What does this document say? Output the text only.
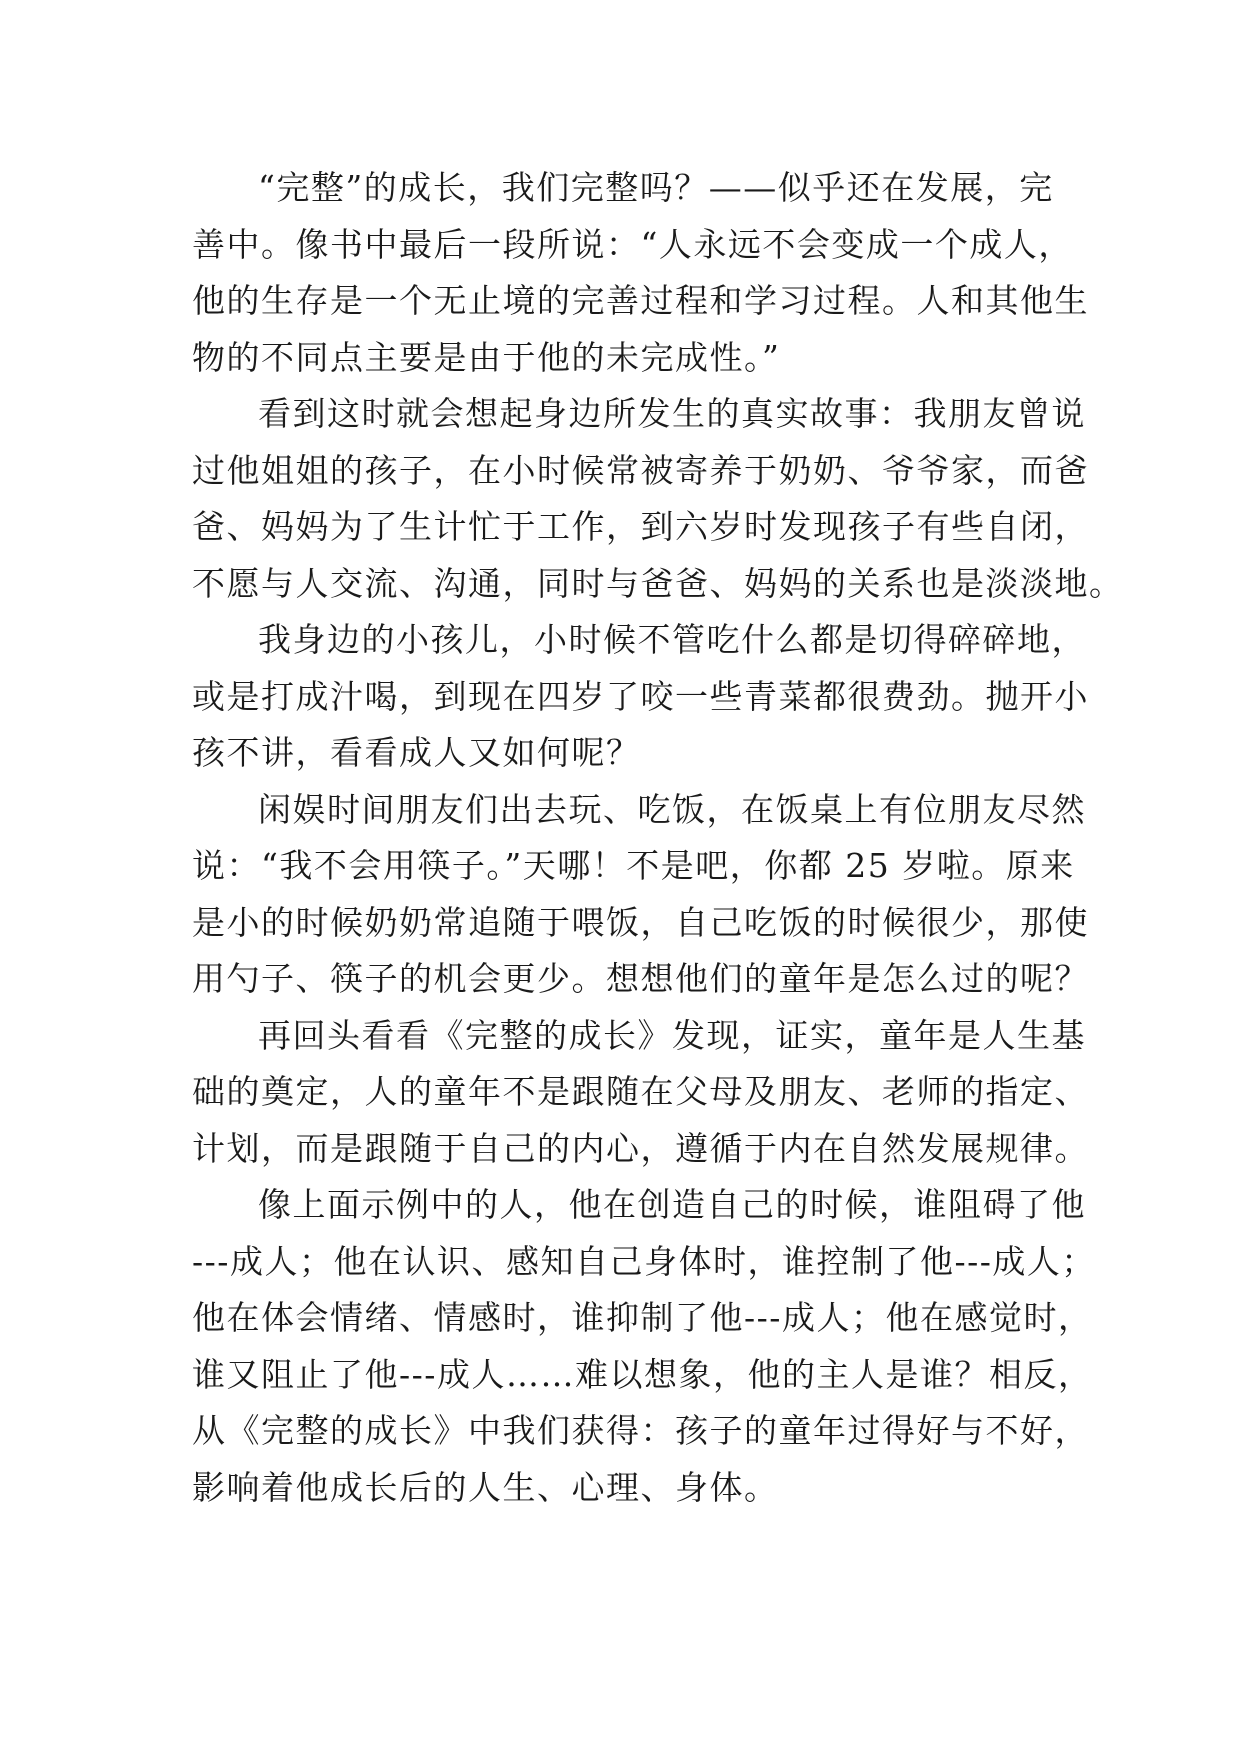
“完整”的成长，我们完整吗？——似乎还在发展，完
善中。像书中最后一段所说：“人永远不会变成一个成人，
他的生存是一个无止境的完善过程和学习过程。人和其他生
物的不同点主要是由于他的未完成性。”

看到这时就会想起身边所发生的真实故事：我朋友曾说
过他姐姐的孩子，在小时候常被寄养于奶奶、爷爷家，而爸
爸、妈妈为了生计忙于工作，到六岁时发现孩子有些自闭，
不愿与人交流、沟通，同时与爸爸、妈妈的关系也是淡淡地。

我身边的小孩儿，小时候不管吃什么都是切得碎碎地，
或是打成汁喝，到现在四岁了咬一些青菜都很费劲。抛开小
孩不讲，看看成人又如何呢？

闲娱时间朋友们出去玩、吃饭，在饭桌上有位朋友尽然
说：“我不会用筷子。”天哪！不是吧，你都 25 岁啦。原来
是小的时候奶奶常追随于喂饭，自己吃饭的时候很少，那使
用勺子、筷子的机会更少。想想他们的童年是怎么过的呢？

再回头看看《完整的成长》发现，证实，童年是人生基
础的奠定，人的童年不是跟随在父母及朋友、老师的指定、
计划，而是跟随于自己的内心，遵循于内在自然发展规律。

像上面示例中的人，他在创造自己的时候，谁阻碍了他
---成人；他在认识、感知自己身体时，谁控制了他---成人；
他在体会情绪、情感时，谁抑制了他---成人；他在感觉时，
谁又阻止了他---成人……难以想象，他的主人是谁？相反，
从《完整的成长》中我们获得：孩子的童年过得好与不好，
影响着他成长后的人生、心理、身体。
